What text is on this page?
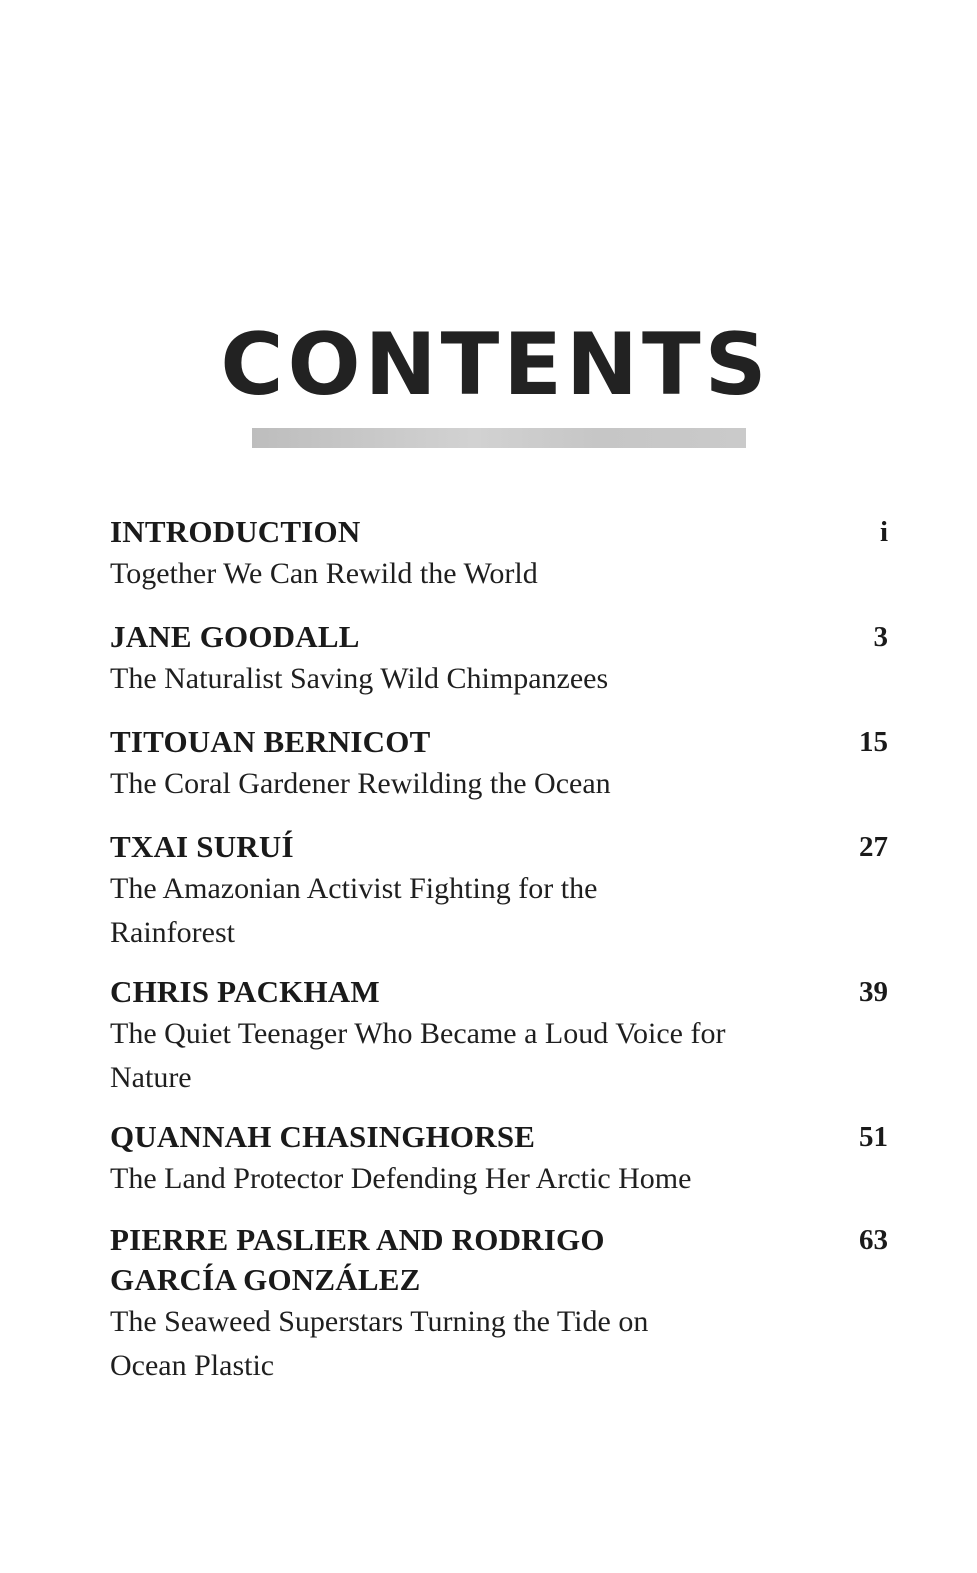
CONTENTS
INTRODUCTION
Together We Can Rewild the World
i
JANE GOODALL
The Naturalist Saving Wild Chimpanzees
3
TITOUAN BERNICOT
The Coral Gardener Rewilding the Ocean
15
TXAI SURUÍ
The Amazonian Activist Fighting for the Rainforest
27
CHRIS PACKHAM
The Quiet Teenager Who Became a Loud Voice for Nature
39
QUANNAH CHASINGHORSE
The Land Protector Defending Her Arctic Home
51
PIERRE PASLIER AND RODRIGO GARCÍA GONZÁLEZ
The Seaweed Superstars Turning the Tide on Ocean Plastic
63
